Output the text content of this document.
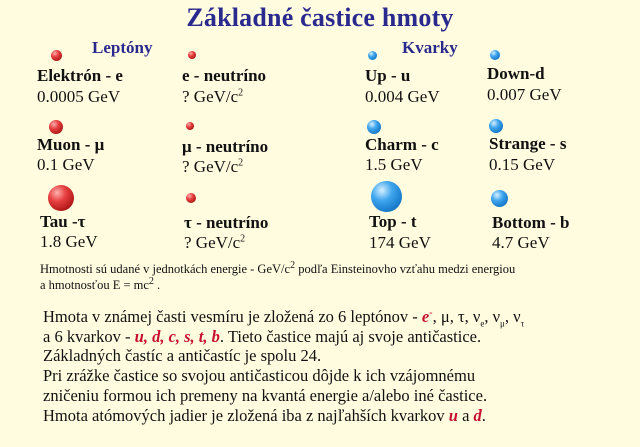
Základné častice hmoty
Leptóny	Kvarky
Elektrón - e
0.0005 GeV
e - neutríno
? GeV/$c^2$
Up - u
0.004 GeV
Down-d
0.007 GeV
Muon - μ
0.1 GeV
μ - neutríno
? GeV/$c^2$
Charm - c
1.5 GeV
Strange - s
0.15 GeV
Tau -τ
1.8 GeV
τ - neutríno
? GeV/$c^2$
Top - t
174 GeV
Bottom - b
4.7 GeV
Hmotnosti sú udané v jednotkách energie - GeV/$c^2$ podľa Einsteinovho vzťahu medzi energiou
a hmotnosťou $E = mc^2$ .
Hmota v známej časti vesmíru je zložená zo 6 leptónov - e-, μ, τ, $\nu_e$, $\nu_\mu$, $\nu_\tau$
a 6 kvarkov - u, d, c, s, t, b. Tieto častice majú aj svoje antičastice.
Základných častíc a antičastíc je spolu 24.
Pri zrážke častice so svojou antičasticou dôjde k ich vzájomnému
zničeniu formou ich premeny na kvantá energie a/alebo iné častice.
Hmota atómových jadier je zložená iba z najľahších kvarkov u a d.
